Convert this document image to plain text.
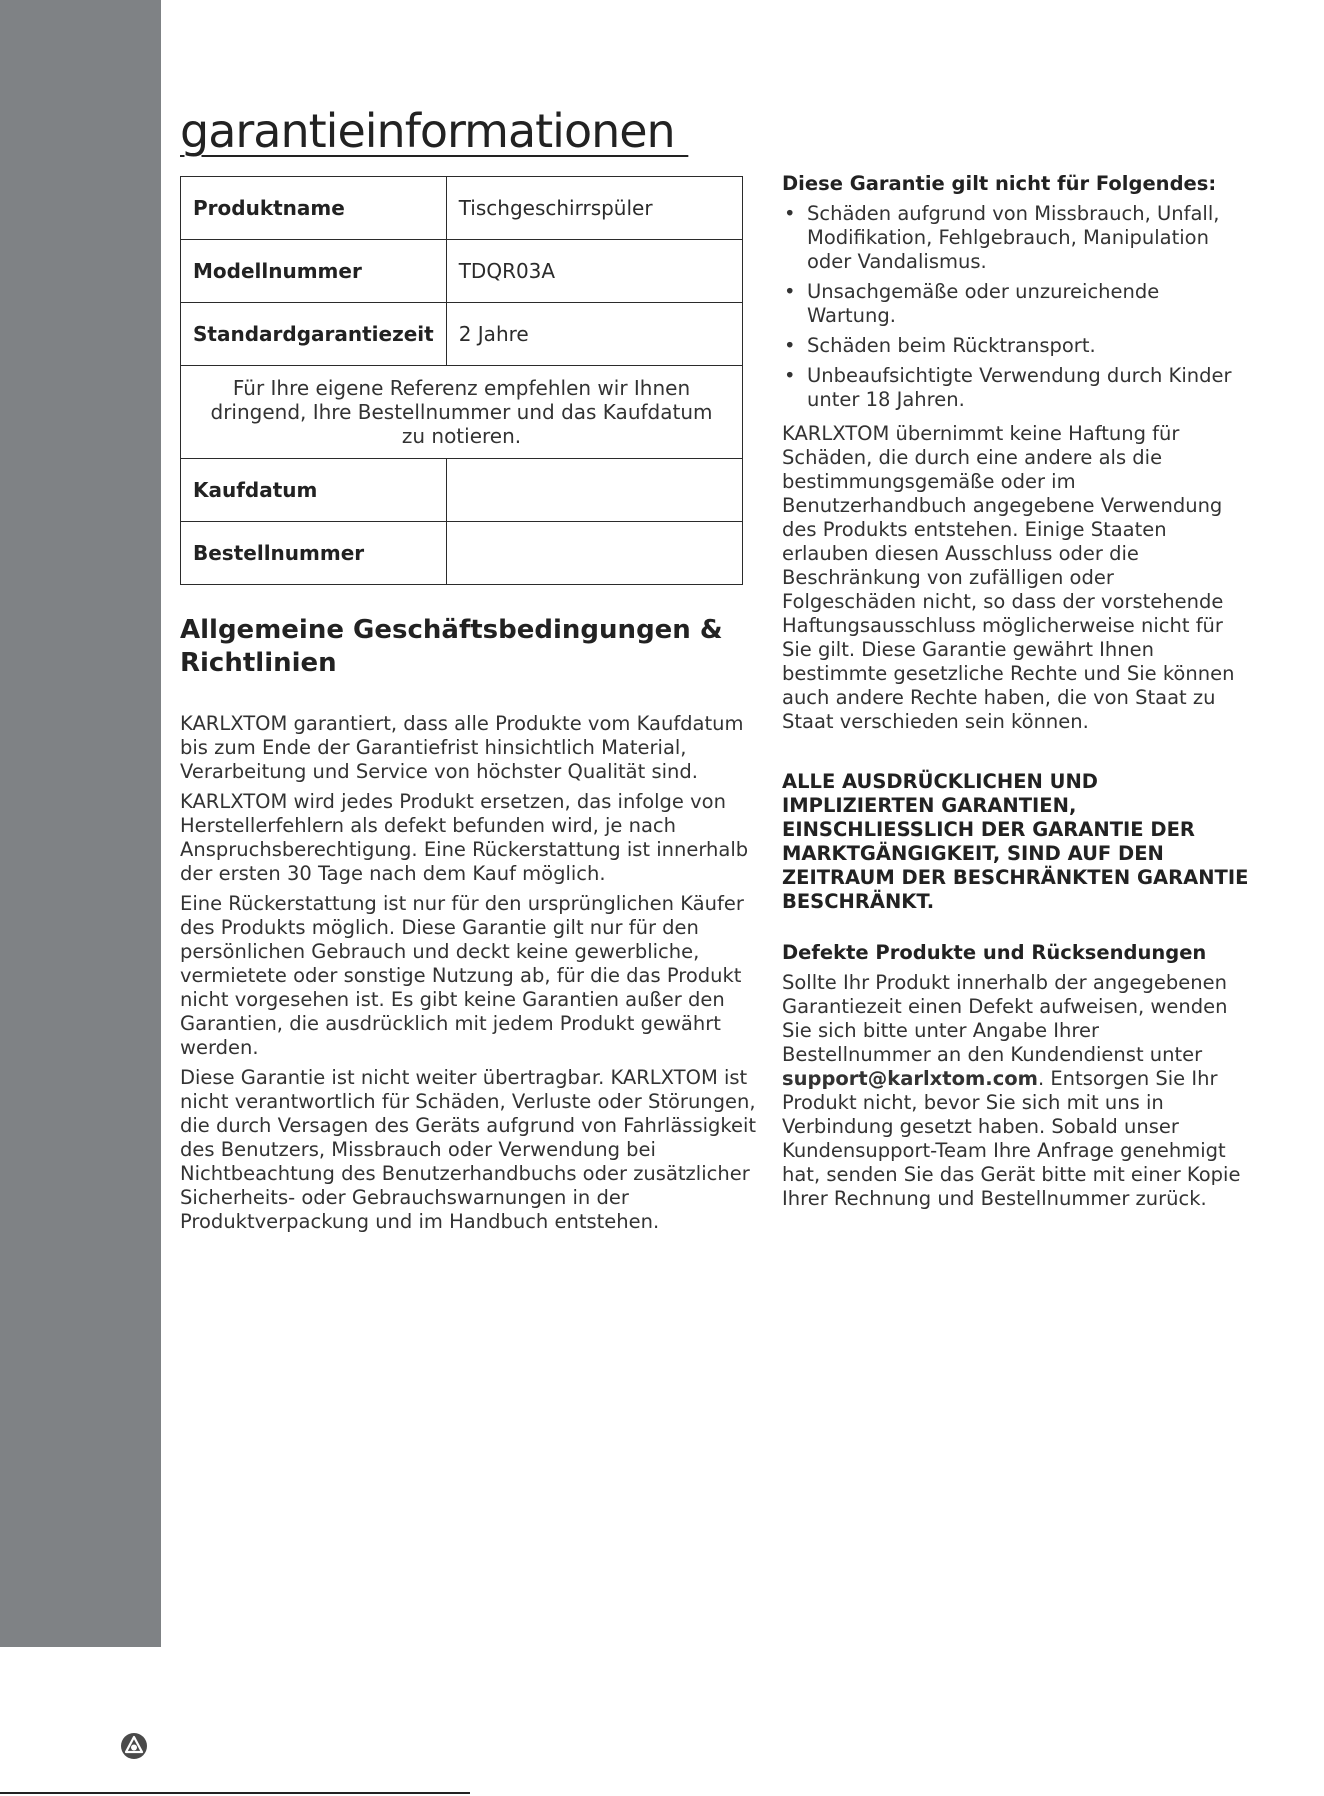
garantieinformationen
Produktname	Tischgeschirrspüler
Modellnummer	TDQR03A
Standardgarantiezeit	2 Jahre
Für Ihre eigene Referenz empfehlen wir Ihnen dringend, Ihre Bestellnummer und das Kaufdatum zu notieren.	
Kaufdatum	
Bestellnummer	
Allgemeine Geschäftsbedingungen & Richtlinien

KARLXTOM garantiert, dass alle Produkte vom Kaufdatum bis zum Ende der Garantiefrist hinsichtlich Material, Verarbeitung und Service von höchster Qualität sind.

KARLXTOM wird jedes Produkt ersetzen, das infolge von Herstellerfehlern als defekt befunden wird, je nach Anspruchsberechtigung. Eine Rückerstattung ist innerhalb der ersten 30 Tage nach dem Kauf möglich.

Eine Rückerstattung ist nur für den ursprünglichen Käufer des Produkts möglich. Diese Garantie gilt nur für den persönlichen Gebrauch und deckt keine gewerbliche, vermietete oder sonstige Nutzung ab, für die das Produkt nicht vorgesehen ist. Es gibt keine Garantien außer den Garantien, die ausdrücklich mit jedem Produkt gewährt werden.

Diese Garantie ist nicht weiter übertragbar. KARLXTOM ist nicht verantwortlich für Schäden, Verluste oder Störungen, die durch Versagen des Geräts aufgrund von Fahrlässigkeit des Benutzers, Missbrauch oder Verwendung bei Nichtbeachtung des Benutzerhandbuchs oder zusätzlicher Sicherheits- oder Gebrauchswarnungen in der Produktverpackung und im Handbuch entstehen.

Diese Garantie gilt nicht für Folgendes:
• Schäden aufgrund von Missbrauch, Unfall, Modifikation, Fehlgebrauch, Manipulation oder Vandalismus.
• Unsachgemäße oder unzureichende Wartung.
• Schäden beim Rücktransport.
• Unbeaufsichtigte Verwendung durch Kinder unter 18 Jahren.

KARLXTOM übernimmt keine Haftung für Schäden, die durch eine andere als die bestimmungsgemäße oder im Benutzerhandbuch angegebene Verwendung des Produkts entstehen. Einige Staaten erlauben diesen Ausschluss oder die Beschränkung von zufälligen oder Folgeschäden nicht, so dass der vorstehende Haftungsausschluss möglicherweise nicht für Sie gilt. Diese Garantie gewährt Ihnen bestimmte gesetzliche Rechte und Sie können auch andere Rechte haben, die von Staat zu Staat verschieden sein können.

ALLE AUSDRÜCKLICHEN UND IMPLIZIERTEN GARANTIEN, EINSCHLIESSLICH DER GARANTIE DER MARKTGÄNGIGKEIT, SIND AUF DEN ZEITRAUM DER BESCHRÄNKTEN GARANTIE BESCHRÄNKT.

Defekte Produkte und Rücksendungen

Sollte Ihr Produkt innerhalb der angegebenen Garantiezeit einen Defekt aufweisen, wenden Sie sich bitte unter Angabe Ihrer Bestellnummer an den Kundendienst unter support@karlxtom.com. Entsorgen Sie Ihr Produkt nicht, bevor Sie sich mit uns in Verbindung gesetzt haben. Sobald unser Kundensupport-Team Ihre Anfrage genehmigt hat, senden Sie das Gerät bitte mit einer Kopie Ihrer Rechnung und Bestellnummer zurück.
